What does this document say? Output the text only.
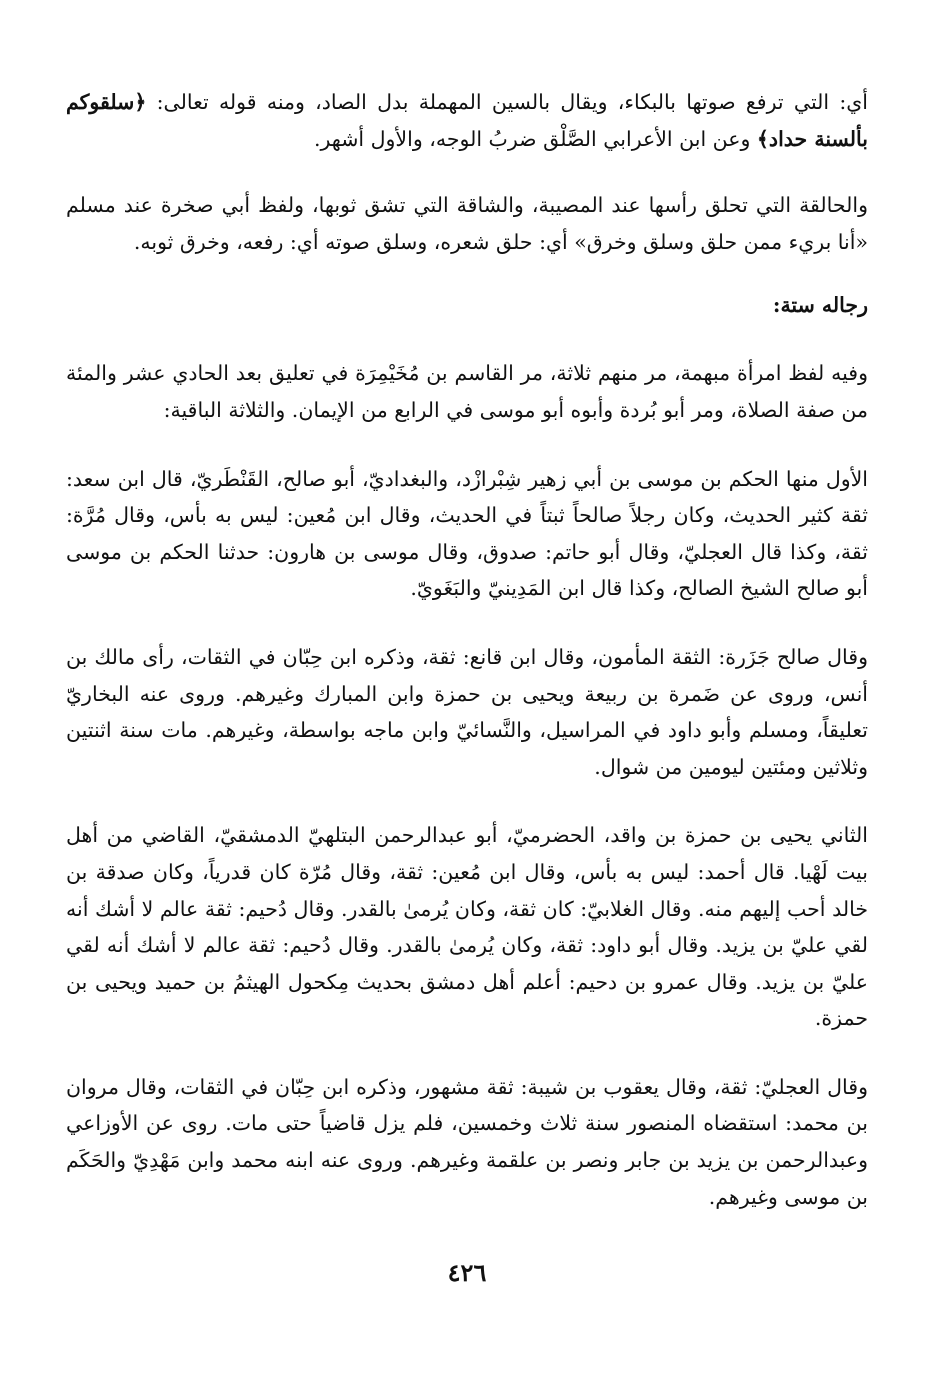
أي: التي ترفع صوتها بالبكاء، ويقال بالسين المهملة بدل الصاد، ومنه قوله تعالى: ﴿سلقوكم بألسنة حداد﴾ وعن ابن الأعرابي الصَّلْق ضربُ الوجه، والأول أشهر.

والحالقة التي تحلق رأسها عند المصيبة، والشاقة التي تشق ثوبها، ولفظ أبي صخرة عند مسلم «أنا بريء ممن حلق وسلق وخرق» أي: حلق شعره، وسلق صوته أي: رفعه، وخرق ثوبه.

رجاله ستة:

وفيه لفظ امرأة مبهمة، مر منهم ثلاثة، مر القاسم بن مُخَيْمِرَة في تعليق بعد الحادي عشر والمئة من صفة الصلاة، ومر أبو بُردة وأبوه أبو موسى في الرابع من الإيمان. والثلاثة الباقية:

الأول منها الحكم بن موسى بن أبي زهير شِبْرازْد، والبغداديّ، أبو صالح، القَنْطَريّ، قال ابن سعد: ثقة كثير الحديث، وكان رجلاً صالحاً ثبتاً في الحديث، وقال ابن مُعين: ليس به بأس، وقال مُرَّة: ثقة، وكذا قال العجليّ، وقال أبو حاتم: صدوق، وقال موسى بن هارون: حدثنا الحكم بن موسى أبو صالح الشيخ الصالح، وكذا قال ابن المَدِينيّ والبَغَويّ.

وقال صالح جَزَرة: الثقة المأمون، وقال ابن قانع: ثقة، وذكره ابن حِبّان في الثقات، رأى مالك بن أنس، وروى عن ضَمرة بن ربيعة ويحيى بن حمزة وابن المبارك وغيرهم. وروى عنه البخاريّ تعليقاً، ومسلم وأبو داود في المراسيل، والنَّسائيّ وابن ماجه بواسطة، وغيرهم. مات سنة اثنتين وثلاثين ومئتين ليومين من شوال.

الثاني يحيى بن حمزة بن واقد، الحضرميّ، أبو عبدالرحمن البتلهيّ الدمشقيّ، القاضي من أهل بيت لَهْيا. قال أحمد: ليس به بأس، وقال ابن مُعين: ثقة، وقال مُرّة كان قدرياً، وكان صدقة بن خالد أحب إليهم منه. وقال الغلابيّ: كان ثقة، وكان يُرمىٰ بالقدر. وقال دُحيم: ثقة عالم لا أشك أنه لقي عليّ بن يزيد. وقال أبو داود: ثقة، وكان يُرمىٰ بالقدر. وقال دُحيم: ثقة عالم لا أشك أنه لقي عليّ بن يزيد. وقال عمرو بن دحيم: أعلم أهل دمشق بحديث مِكحول الهيثمُ بن حميد ويحيى بن حمزة.

وقال العجليّ: ثقة، وقال يعقوب بن شيبة: ثقة مشهور، وذكره ابن حِبّان في الثقات، وقال مروان بن محمد: استقضاه المنصور سنة ثلاث وخمسين، فلم يزل قاضياً حتى مات. روى عن الأوزاعي وعبدالرحمن بن يزيد بن جابر ونصر بن علقمة وغيرهم. وروى عنه ابنه محمد وابن مَهْدِيّ والحَكَم بن موسى وغيرهم.

٤٢٦
